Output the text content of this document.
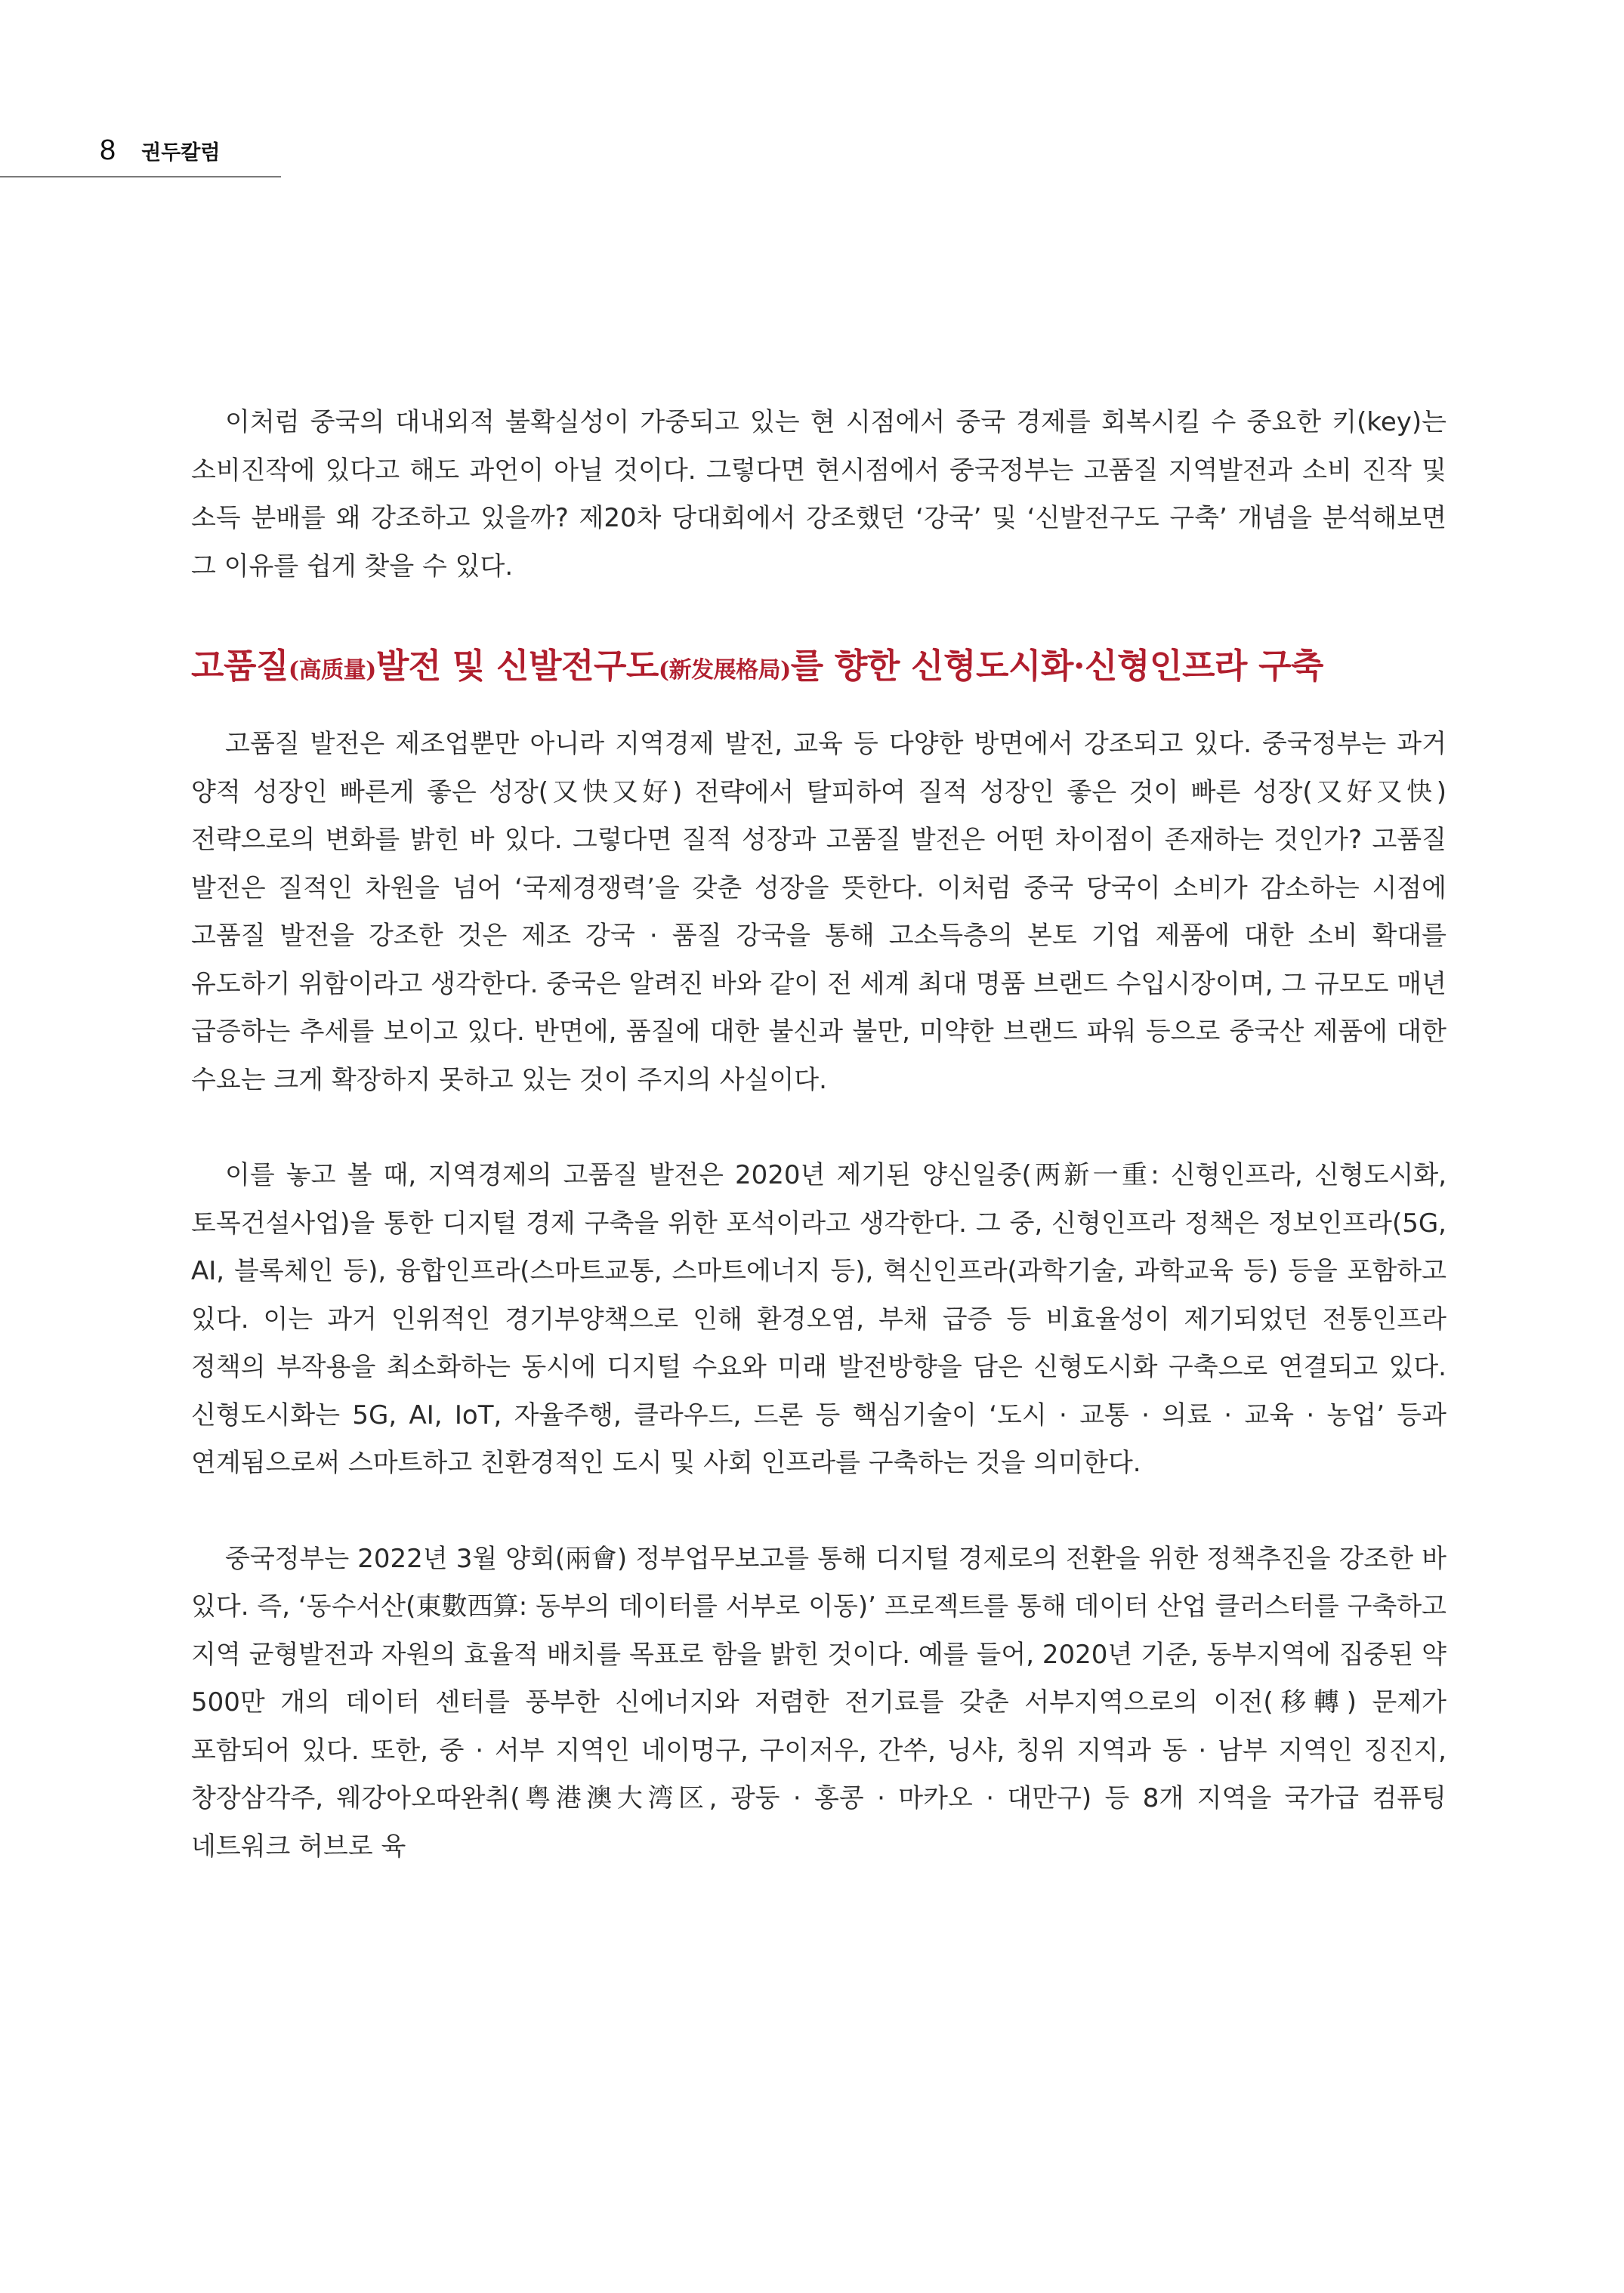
8 권두칼럼

이처럼 중국의 대내외적 불확실성이 가중되고 있는 현 시점에서 중국 경제를 회복시킬 수 중요한 키(key)는 소비진작에 있다고 해도 과언이 아닐 것이다. 그렇다면 현시점에서 중국정부는 고품질 지역발전과 소비 진작 및 소득 분배를 왜 강조하고 있을까? 제20차 당대회에서 강조했던 ‘강국’ 및 ‘신발전구도 구축’ 개념을 분석해보면 그 이유를 쉽게 찾을 수 있다.

고품질(高质量)발전 및 신발전구도(新发展格局)를 향한 신형도시화·신형인프라 구축

고품질 발전은 제조업뿐만 아니라 지역경제 발전, 교육 등 다양한 방면에서 강조되고 있다. 중국정부는 과거 양적 성장인 빠른게 좋은 성장(又快又好) 전략에서 탈피하여 질적 성장인 좋은 것이 빠른 성장(又好又快) 전략으로의 변화를 밝힌 바 있다. 그렇다면 질적 성장과 고품질 발전은 어떤 차이점이 존재하는 것인가? 고품질 발전은 질적인 차원을 넘어 ‘국제경쟁력’을 갖춘 성장을 뜻한다. 이처럼 중국 당국이 소비가 감소하는 시점에 고품질 발전을 강조한 것은 제조 강국 · 품질 강국을 통해 고소득층의 본토 기업 제품에 대한 소비 확대를 유도하기 위함이라고 생각한다. 중국은 알려진 바와 같이 전 세계 최대 명품 브랜드 수입시장이며, 그 규모도 매년 급증하는 추세를 보이고 있다. 반면에, 품질에 대한 불신과 불만, 미약한 브랜드 파워 등으로 중국산 제품에 대한 수요는 크게 확장하지 못하고 있는 것이 주지의 사실이다.

이를 놓고 볼 때, 지역경제의 고품질 발전은 2020년 제기된 양신일중(两新一重: 신형인프라, 신형도시화, 토목건설사업)을 통한 디지털 경제 구축을 위한 포석이라고 생각한다. 그 중, 신형인프라 정책은 정보인프라(5G, AI, 블록체인 등), 융합인프라(스마트교통, 스마트에너지 등), 혁신인프라(과학기술, 과학교육 등) 등을 포함하고 있다. 이는 과거 인위적인 경기부양책으로 인해 환경오염, 부채 급증 등 비효율성이 제기되었던 전통인프라 정책의 부작용을 최소화하는 동시에 디지털 수요와 미래 발전방향을 담은 신형도시화 구축으로 연결되고 있다. 신형도시화는 5G, AI, IoT, 자율주행, 클라우드, 드론 등 핵심기술이 ‘도시 · 교통 · 의료 · 교육 · 농업’ 등과 연계됨으로써 스마트하고 친환경적인 도시 및 사회 인프라를 구축하는 것을 의미한다.

중국정부는 2022년 3월 양회(兩會) 정부업무보고를 통해 디지털 경제로의 전환을 위한 정책추진을 강조한 바 있다. 즉, ‘동수서산(東數西算: 동부의 데이터를 서부로 이동)’ 프로젝트를 통해 데이터 산업 클러스터를 구축하고 지역 균형발전과 자원의 효율적 배치를 목표로 함을 밝힌 것이다. 예를 들어, 2020년 기준, 동부지역에 집중된 약 500만 개의 데이터 센터를 풍부한 신에너지와 저렴한 전기료를 갖춘 서부지역으로의 이전(移轉) 문제가 포함되어 있다. 또한, 중 · 서부 지역인 네이멍구, 구이저우, 간쑤, 닝샤, 칭위 지역과 동 · 남부 지역인 징진지, 창장삼각주, 웨강아오따완취(粤港澳大湾区, 광둥 · 홍콩 · 마카오 · 대만구) 등 8개 지역을 국가급 컴퓨팅 네트워크 허브로 육
